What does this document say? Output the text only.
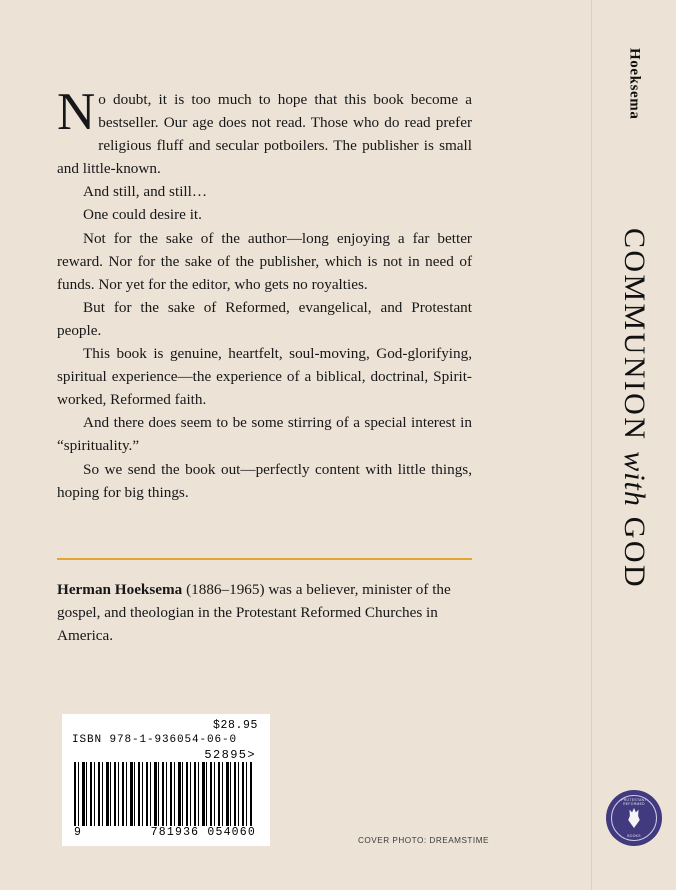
No doubt, it is too much to hope that this book become a bestseller. Our age does not read. Those who do read prefer religious fluff and secular potboilers. The publisher is small and little-known.

And still, and still…

One could desire it.

Not for the sake of the author—long enjoying a far better reward. Nor for the sake of the publisher, which is not in need of funds. Nor yet for the editor, who gets no royalties.

But for the sake of Reformed, evangelical, and Protestant people.

This book is genuine, heartfelt, soul-moving, God-glorifying, spiritual experience—the experience of a biblical, doctrinal, Spirit-worked, Reformed faith.

And there does seem to be some stirring of a special interest in “spirituality.”

So we send the book out—perfectly content with little things, hoping for big things.

Herman Hoeksema (1886–1965) was a believer, minister of the gospel, and theologian in the Protestant Reformed Churches in America.
$28.95
ISBN 978-1-936054-06-0
52895>
9	781936 054060
COVER PHOTO: DREAMSTIME
Hoeksema
COMMUNION with GOD
PROTESTANT REFORMED
BOOKS
